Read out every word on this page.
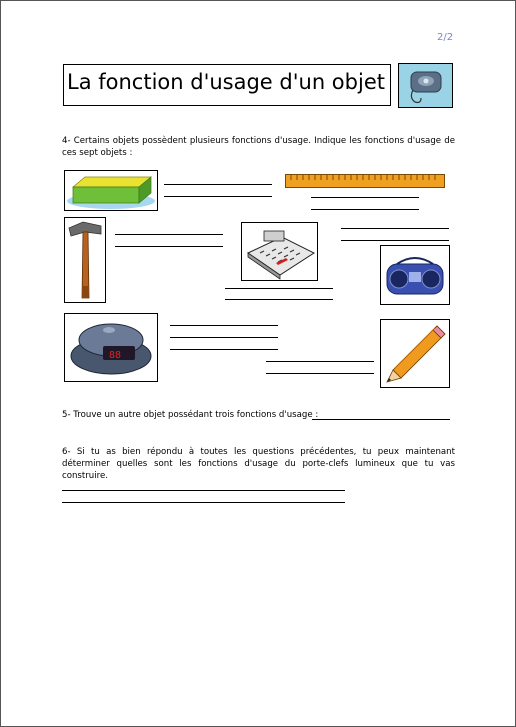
2/2
La fonction d'usage d'un objet
4- Certains objets possèdent plusieurs fonctions d'usage. Indique les fonctions d'usage de ces sept objets :
88
5- Trouve un autre objet possédant trois fonctions d'usage :
6- Si tu as bien répondu à toutes les questions précédentes, tu peux maintenant déterminer quelles sont les fonctions d'usage du porte-clefs lumineux que tu vas construire.
